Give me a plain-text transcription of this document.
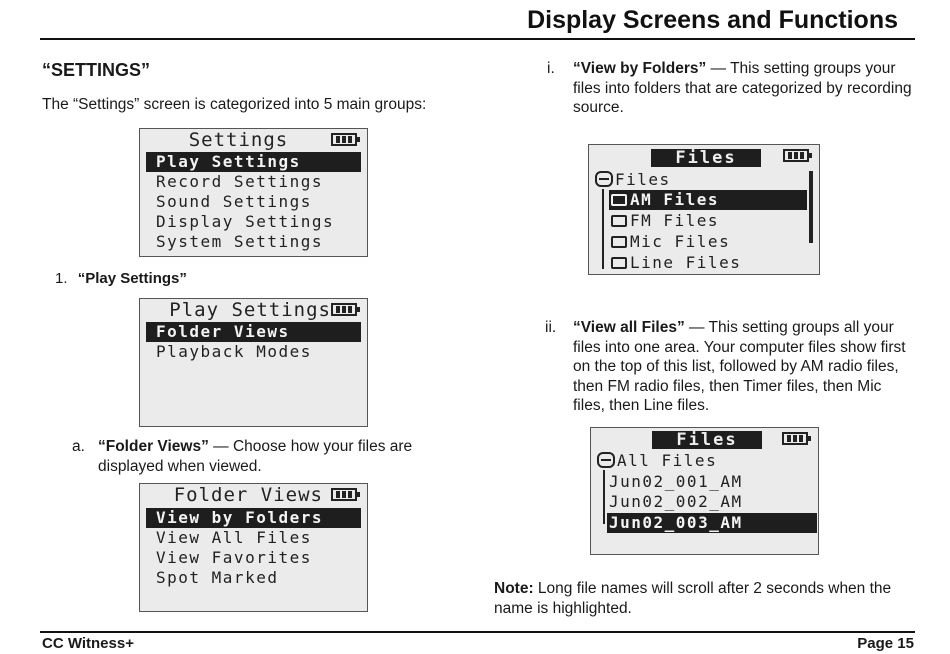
Display Screens and Functions
“SETTINGS”
The “Settings” screen is categorized into 5 main groups:
Settings
Play Settings
Record Settings
Sound Settings
Display Settings
System Settings
1. “Play Settings”
Play Settings
Folder Views
Playback Modes
a. “Folder Views” — Choose how your files are displayed when viewed.
Folder Views
View by Folders
View All Files
View Favorites
Spot Marked
i. “View by Folders” — This setting groups your files into folders that are categorized by recording source.
Files
Files
AM Files
FM Files
Mic Files
Line Files
ii. “View all Files” — This setting groups all your files into one area. Your computer files show first on the top of this list, followed by AM radio files, then FM radio files, then Timer files, then Mic files, then Line files.
Files
All Files
Jun02_001_AM
Jun02_002_AM
Jun02_003_AM
Note: Long file names will scroll after 2 seconds when the name is highlighted.
CC Witness+	Page 15
